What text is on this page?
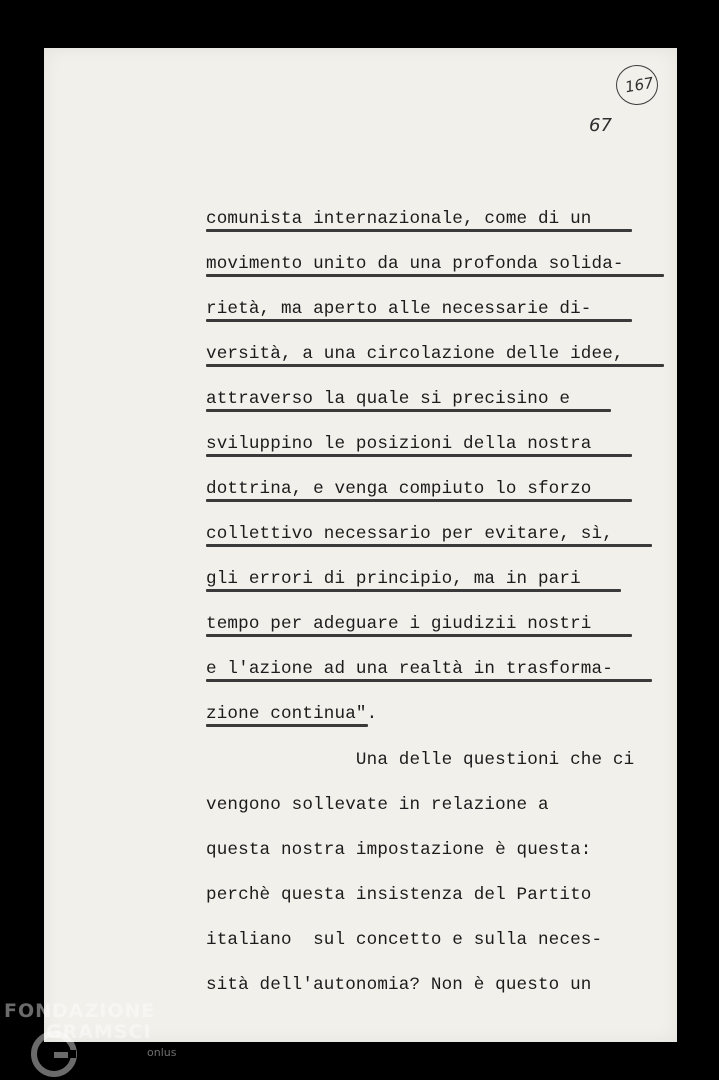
167
67

comunista internazionale, come di un

movimento unito da una profonda solida-

rietà, ma aperto alle necessarie di-

versità, a una circolazione delle idee,

attraverso la quale si precisino e

sviluppino le posizioni della nostra

dottrina, e venga compiuto lo sforzo

collettivo necessario per evitare, sì,

gli errori di principio, ma in pari

tempo per adeguare i giudizii nostri

e l'azione ad una realtà in trasforma-

zione continua".

Una delle questioni che ci

vengono sollevate in relazione a

questa nostra impostazione è questa:

perchè questa insistenza del Partito

italiano  sul concetto e sulla neces-

sità dell'autonomia? Non è questo un

FONDAZIONE
GRAMSCI
onlus
